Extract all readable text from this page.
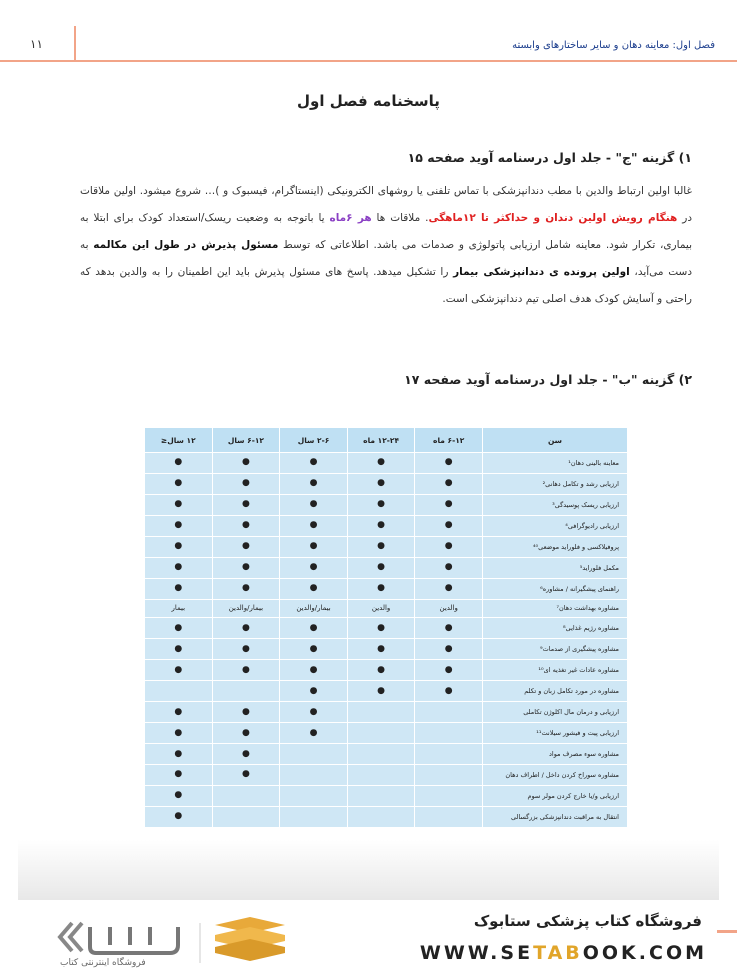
۱۱	فصل اول: معاینه دهان و سایر ساختارهای وابسته
پاسخنامه فصل اول
۱) گزینه "ج" - جلد اول درسنامه آوید صفحه ۱۵
غالبا اولین ارتباط والدین با مطب دندانپزشکی با تماس تلفنی یا روشهای الکترونیکی (اینستاگرام، فیسبوک و )… شروع میشود. اولین ملاقات در هنگام رویش اولین دندان و حداکثر تا ۱۲ماهگی. ملاقات ها هر ۶ماه یا باتوجه به وضعیت ریسک/استعداد کودک برای ابتلا به بیماری، تکرار شود. معاینه شامل ارزیابی پاتولوژی و صدمات می باشد. اطلاعاتی که توسط مسئول پذیرش در طول این مکالمه به دست می‌آید، اولین پرونده ی دندانپزشکی بیمار را تشکیل میدهد. پاسخ های مسئول پذیرش باید این اطمینان را به والدین بدهد که راحتی و آسایش کودک هدف اصلی تیم دندانپزشکی است.
۲) گزینه "ب" - جلد اول درسنامه آوید صفحه ۱۷
سن	۶-۱۲ ماه	۱۲-۲۴ ماه	۲-۶ سال	۶-۱۲ سال	۱۲ سال≤
معاینه بالینی دهان¹	●	●	●	●	●
ارزیابی رشد و تکامل دهانی²	●	●	●	●	●
ارزیابی ریسک پوسیدگی³	●	●	●	●	●
ارزیابی رادیوگرافی⁴	●	●	●	●	●
پروفیلاکسی و فلوراید موضعی⁴⁰	●	●	●	●	●
مکمل فلوراید⁵	●	●	●	●	●
راهنمای پیشگیرانه / مشاوره⁶	●	●	●	●	●
مشاوره بهداشت دهان⁷	والدین	والدین	بیمار/والدین	بیمار/والدین	بیمار
مشاوره رژیم غذایی⁸	●	●	●	●	●
مشاوره پیشگیری از صدمات⁹	●	●	●	●	●
مشاوره عادات غیر تغذیه ای¹⁰	●	●	●	●	●
مشاوره در مورد تکامل زبان و تکلم	●	●	●		
ارزیابی و درمان مال اکلوژن تکاملی			●	●	●
ارزیابی پیت و فیشور سیلانت¹¹			●	●	●
مشاوره سوء مصرف مواد				●	●
مشاوره سوراخ کردن داخل / اطراف دهان				●	●
ارزیابی و/یا خارج کردن مولر سوم					●
انتقال به مراقبت دندانپزشکی بزرگسالی					●
فروشگاه کتاب پزشکی ستابوک
WWW.SETABOOK.COM
فروشگاه اینترنتی کتاب
